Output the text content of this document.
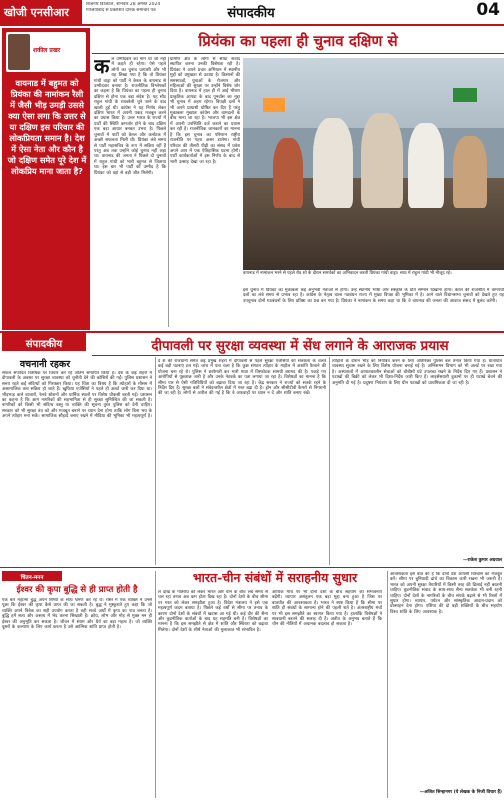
खोजी एनसीआर
बिजनौर डिजिटल, शनिवार 28 अगस्त 2024
गाजियाबाद से प्रकाशित दैनिक समाचार पत्र	संपादकीय	04
प्रियंका का पहला ही चुनाव दक्षिण से
शकील प्रखर
वायनाड में बहुमत को प्रियंका की नामांकन रैली में जैसी भीड़ उमड़ी उससे क्या ऐसा लगा कि उत्तर से या दक्षिण इस परिवार की लोकप्रियता समान है। देश में ऐसा नेता और कौन है जो दक्षिण समेत पूरे देश में लोकप्रिय माना जाता है?
क ल उम्मीदवार का नाम था जो नहीं में कहते ही रहेगा। ऐसे पहले लोगों का चुनाव प्रत्याशी और भी यह लिखा गया है कि वो प्रियंका गांधी वाड्रा को पार्टी ने केरल के वायनाड से उम्मीदवार बनाया है। राजनीतिक विश्लेषकों का कहना है कि प्रियंका का पहला ही चुनाव दक्षिण से होना एक बड़ा संदेश है। यह सीट राहुल गांधी के रायबरेली चुने जाने के बाद खाली हुई थी। कांग्रेस ने यह निर्णय लेकर दक्षिण भारत में अपनी पकड़ मजबूत करने का प्रयास किया है। उत्तर भारत के राज्यों में पार्टी की स्थिति कमजोर होने के बाद दक्षिण एक बड़ा आधार बनकर उभरा है। पिछले चुनावों में पार्टी को केरल और कर्नाटक में अच्छी सफलता मिली थी। प्रियंका लंबे समय से पार्टी महासचिव के रूप में सक्रिय रहीं हैं परंतु अब तक उन्होंने कोई चुनाव नहीं लड़ा था। वायनाड की जनता ने पिछले दो चुनावों में राहुल गांधी को भारी बहुमत से जिताया था। इस बार भी पार्टी को उम्मीद है कि प्रियंका को वहां से बड़ी जीत मिलेगी।
ग्रामीण क्षेत्र के लोगों से सीधा संवाद स्थापित करना उनकी विशेषता रही है। प्रियंका ने अपने प्रचार अभियान में स्थानीय मुद्दों को प्रमुखता से उठाया है। किसानों की समस्याओं, युवाओं के रोजगार और महिलाओं की सुरक्षा पर उन्होंने विशेष जोर दिया है। वायनाड में हाल ही में आई भीषण प्राकृतिक आपदा के बाद पुनर्वास का मुद्दा भी चुनाव में अहम रहेगा। विपक्षी दलों ने भी अपने प्रत्याशी घोषित कर दिए हैं परंतु मुकाबला मुख्यतः कांग्रेस और वामदलों के बीच माना जा रहा है। भाजपा भी इस क्षेत्र में अपनी उपस्थिति दर्ज कराने का प्रयास कर रही है। राजनीतिक जानकारों का मानना है कि इस चुनाव का परिणाम राष्ट्रीय राजनीति पर गहरा असर डालेगा। गांधी परिवार की तीसरी पीढ़ी का संसद में प्रवेश अपने आप में एक ऐतिहासिक घटना होगी। पार्टी कार्यकर्ताओं में इस निर्णय के बाद से भारी उत्साह देखा जा रहा है।
वायनाड में नामांकन भरने से पहले रोड शो के दौरान समर्थकों का अभिवादन करती प्रियंका गांधी वाड्रा। साथ में राहुल गांधी भी मौजूद रहे।
इस चुनाव में प्रियंका का मुकाबला कई अनुभवी नेताओं से होगा। उन्हें स्थानीय भाषा और संस्कृति के प्रति सम्मान दिखाना होगा। केरल की राजनीति में वामपंथी दलों का लंबे समय से प्रभाव रहा है। कांग्रेस के नेतृत्व वाला गठबंधन राज्य में मुख्य विपक्ष की भूमिका में है। आने वाले विधानसभा चुनावों को देखते हुए यह उपचुनाव दोनों गठबंधनों के लिए प्रतिष्ठा का प्रश्न बन गया है। प्रियंका ने नामांकन के समय कहा था कि वे वायनाड की जनता की आवाज संसद में बुलंद करेंगी।
संपादकीय	दीपावली पर सुरक्षा व्यवस्था में सेंध लगाने के आराजक प्रयास
वचनानी रहकर
सफल संपादित विशेषक पर विचार कर रहे अंतिम समापित किया है। देश के कई शहरों में दीपावली के अवसर पर सुरक्षा व्यवस्था को चुनौती देने की कोशिशें की गईं। पुलिस प्रशासन ने समय रहते कई संदिग्धों को गिरफ्तार किया। यह चिंता का विषय है कि त्योहारों के मौसम में असामाजिक तत्व सक्रिय हो जाते हैं। खुफिया एजेंसियों ने पहले ही अलर्ट जारी कर दिया था। भीड़भाड़ वाले बाजारों, रेलवे स्टेशनों और धार्मिक स्थलों पर विशेष चौकसी बरती गई। प्रशासन का कहना है कि आम नागरिकों की सहभागिता से ही सुरक्षा सुनिश्चित की जा सकती है। नागरिकों को किसी भी संदिग्ध वस्तु या व्यक्ति की सूचना तुरंत पुलिस को देनी चाहिए। सरकार को भी सुरक्षा तंत्र को और मजबूत बनाने पर ध्यान देना होगा ताकि लोग बिना भय के अपने त्योहार मना सकें। सामाजिक सौहार्द बनाए रखने में मीडिया की भूमिका भी महत्वपूर्ण है।
दे श की राजधानी समेत कई प्रमुख शहरों में दीपावली से पहले सुरक्षा एजेंसियों की सतर्कता के चलते कई बड़ी घटनाएं टल गईं। जांच में पता चला है कि कुछ संगठन त्योहार के माहौल में अशांति फैलाने की योजना बना रहे थे। पुलिस ने छापेमारी कर भारी मात्रा में विस्फोटक सामग्री बरामद की है। पकड़े गए आरोपियों से पूछताछ जारी है और उनके नेटवर्क का पता लगाया जा रहा है। विशेषज्ञों का मानना है कि सीमा पार से ऐसी गतिविधियों को बढ़ावा दिया जा रहा है। केंद्र सरकार ने राज्यों को सतर्क रहने के निर्देश दिए हैं। सुरक्षा बलों ने संवेदनशील क्षेत्रों में गश्त बढ़ा दी है। ड्रोन और सीसीटीवी कैमरों से निगरानी की जा रही है। लोगों से अपील की गई है कि वे अफवाहों पर ध्यान न दें और शांति बनाए रखें।
त्योहारों के दौरान भीड़ को नियंत्रित करने के लिए अतिरिक्त पुलिस बल तैनात किया गया है। यातायात व्यवस्था सुचारु रखने के लिए विशेष योजना बनाई गई है। अग्निशमन विभाग को भी अलर्ट पर रखा गया है। अस्पतालों में आपातकालीन सेवाओं को चौबीसों घंटे उपलब्ध रखने के निर्देश दिए गए हैं। प्रशासन ने पटाखों की बिक्री को लेकर भी दिशा-निर्देश जारी किए हैं। लाइसेंसधारी दुकानों पर ही पटाखे बेचने की अनुमति दी गई है। प्रदूषण नियंत्रण के लिए ग्रीन पटाखों को प्राथमिकता दी जा रही है।
—राकेश कुमार अग्रवाल
चिंतन-मनन
ईश्वर की कृपा बुद्धि से ही प्राप्त होती है
एक बार महात्मा बुद्ध अपने शिष्यों के साथ भ्रमण कर रहे थे। रास्ते में एक व्यक्ति ने उनसे पूछा कि ईश्वर की कृपा कैसे प्राप्त की जा सकती है। बुद्ध ने मुस्कुराते हुए कहा कि जो व्यक्ति अपने विवेक का सही उपयोग करता है वही सच्चे अर्थों में कृपा का पात्र बनता है। बुद्धि हमें सत्य और असत्य में भेद करना सिखाती है। क्रोध, लोभ और मोह से मुक्त मन ही ईश्वर की अनुभूति कर सकता है। जीवन में संयम और धैर्य का बड़ा महत्व है। जो व्यक्ति दूसरों के कल्याण के लिए कार्य करता है उसे आत्मिक शांति प्राप्त होती है।
भारत-चीन संबंधों में सराहनीय सुधार
ल दाख के गतिरोध को लेकर भारत और चीन के बीच लंबे समय से चल रहा तनाव अब कम होता दिख रहा है। दोनों देशों के बीच सीमा पर गश्त को लेकर समझौता हुआ है। विदेश मंत्रालय ने इसे एक महत्वपूर्ण कदम बताया है। पिछले कई वर्षों से सीमा पर तनाव के कारण दोनों देशों के संबंधों में खटास आ गई थी। कई दौर की सैन्य और कूटनीतिक वार्ताओं के बाद यह सहमति बनी है। विशेषज्ञों का मानना है कि इस समझौते से क्षेत्र में शांति और स्थिरता को बढ़ावा मिलेगा। दोनों देशों के शीर्ष नेताओं की मुलाकात भी संभावित है।
आर्थिक मोर्चे पर भी दोनों देशों के बीच सहयोग की संभावनाएं बढ़ेंगी। व्यापार असंतुलन एक बड़ा मुद्दा बना हुआ है जिस पर बातचीत की आवश्यकता है। भारत ने स्पष्ट किया है कि सीमा पर शांति ही संबंधों के सामान्य होने की पहली शर्त है। अंतरराष्ट्रीय मंचों पर भी इस समझौते का स्वागत किया गया है। हालांकि विशेषज्ञों ने सावधानी बरतने की सलाह दी है। अतीत के अनुभव बताते हैं कि चीन की नीतियों में अचानक बदलाव हो सकता है।
आवश्यकता इस बात की है कि दोनों देश आपसी विश्वास को मजबूत करें। सीमा पर बुनियादी ढांचे का विकास जारी रखना भी जरूरी है। भारत को अपनी सुरक्षा तैयारियों में किसी तरह की ढिलाई नहीं बरतनी चाहिए। कूटनीतिक संवाद के साथ-साथ सैन्य सतर्कता भी बनी रहनी चाहिए। दोनों देशों के नागरिकों के बीच संपर्क बढ़ाने से भी रिश्तों में सुधार होगा। व्यापार, पर्यटन और सांस्कृतिक आदान-प्रदान को प्रोत्साहन देना होगा। एशिया की दो बड़ी शक्तियों के बीच सहयोग विश्व शांति के लिए आवश्यक है।
—अजित सिन्हानगर (ये लेखक के निजी विचार हैं)
